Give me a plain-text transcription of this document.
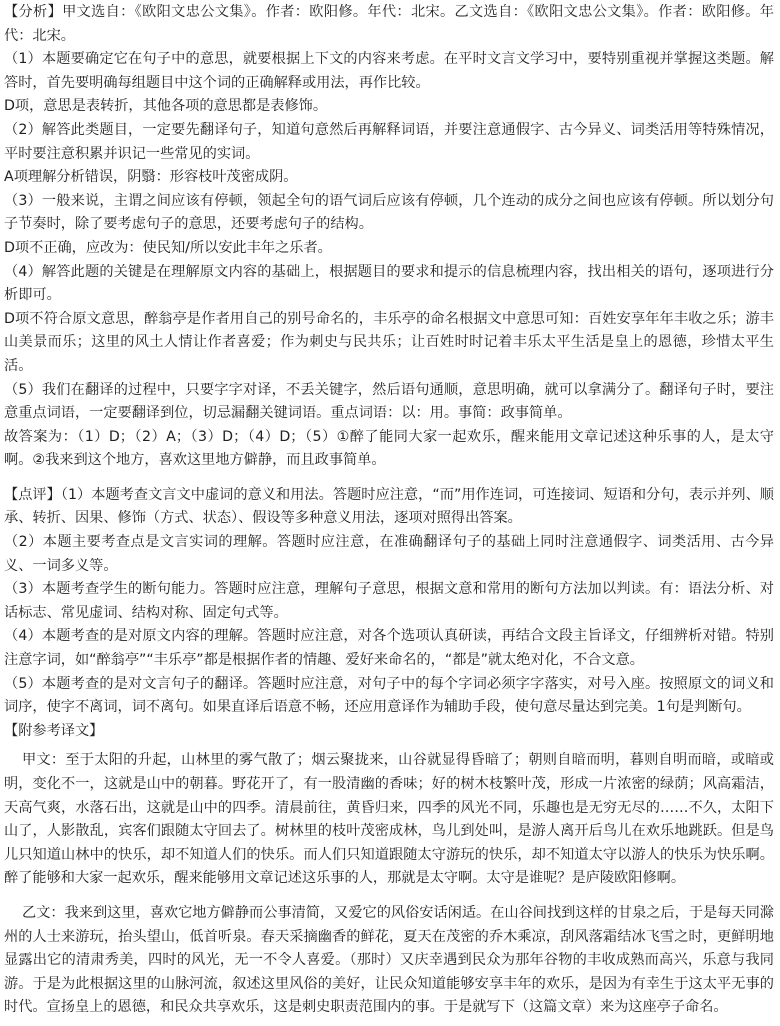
【分析】甲文选自：《欧阳文忠公文集》。作者：欧阳修。年代：北宋。乙文选自：《欧阳文忠公文集》。作者：欧阳修。年代：北宋。

（1）本题要确定它在句子中的意思，就要根据上下文的内容来考虑。在平时文言文学习中，要特别重视并掌握这类题。解答时，首先要明确每组题目中这个词的正确解释或用法，再作比较。

D项，意思是表转折，其他各项的意思都是表修饰。

（2）解答此类题目，一定要先翻译句子，知道句意然后再解释词语，并要注意通假字、古今异义、词类活用等特殊情况，平时要注意积累并识记一些常见的实词。

A项理解分析错误，阴翳：形容枝叶茂密成阴。

（3）一般来说，主谓之间应该有停顿，领起全句的语气词后应该有停顿，几个连动的成分之间也应该有停顿。所以划分句子节奏时，除了要考虑句子的意思，还要考虑句子的结构。

D项不正确，应改为：使民知/所以安此丰年之乐者。

（4）解答此题的关键是在理解原文内容的基础上，根据题目的要求和提示的信息梳理内容，找出相关的语句，逐项进行分析即可。

D项不符合原文意思，醉翁亭是作者用自己的别号命名的，丰乐亭的命名根据文中意思可知：百姓安享年年丰收之乐；游丰山美景而乐；这里的风土人情让作者喜爱；作为刺史与民共乐；让百姓时时记着丰乐太平生活是皇上的恩德，珍惜太平生活。

（5）我们在翻译的过程中，只要字字对译，不丢关键字，然后语句通顺，意思明确，就可以拿满分了。翻译句子时，要注意重点词语，一定要翻译到位，切忌漏翻关键词语。重点词语：以：用。事简：政事简单。

故答案为：（1）D；（2）A；（3）D；（4）D；（5）①醉了能同大家一起欢乐，醒来能用文章记述这种乐事的人，是太守啊。②我来到这个地方，喜欢这里地方僻静，而且政事简单。

【点评】（1）本题考查文言文中虚词的意义和用法。答题时应注意，“而”用作连词，可连接词、短语和分句，表示并列、顺承、转折、因果、修饰（方式、状态）、假设等多种意义用法，逐项对照得出答案。

（2）本题主要考查点是文言实词的理解。答题时应注意，在准确翻译句子的基础上同时注意通假字、词类活用、古今异义、一词多义等。

（3）本题考查学生的断句能力。答题时应注意，理解句子意思，根据文意和常用的断句方法加以判读。有：语法分析、对话标志、常见虚词、结构对称、固定句式等。

（4）本题考查的是对原文内容的理解。答题时应注意，对各个选项认真研读，再结合文段主旨译文，仔细辨析对错。特别注意字词，如“醉翁亭”“丰乐亭”都是根据作者的情趣、爱好来命名的，“都是”就太绝对化，不合文意。

（5）本题考查的是对文言句子的翻译。答题时应注意，对句子中的每个字词必须字字落实，对号入座。按照原文的词义和词序，使字不离词，词不离句。如果直译后语意不畅，还应用意译作为辅助手段，使句意尽量达到完美。1句是判断句。

【附参考译文】

甲文：至于太阳的升起，山林里的雾气散了；烟云聚拢来，山谷就显得昏暗了；朝则自暗而明，暮则自明而暗，或暗或明，变化不一，这就是山中的朝暮。野花开了，有一股清幽的香味；好的树木枝繁叶茂，形成一片浓密的绿荫；风高霜洁，天高气爽，水落石出，这就是山中的四季。清晨前往，黄昏归来，四季的风光不同，乐趣也是无穷无尽的……不久，太阳下山了，人影散乱，宾客们跟随太守回去了。树林里的枝叶茂密成林，鸟儿到处叫，是游人离开后鸟儿在欢乐地跳跃。但是鸟儿只知道山林中的快乐，却不知道人们的快乐。而人们只知道跟随太守游玩的快乐，却不知道太守以游人的快乐为快乐啊。醉了能够和大家一起欢乐，醒来能够用文章记述这乐事的人，那就是太守啊。太守是谁呢？是庐陵欧阳修啊。

乙文：我来到这里，喜欢它地方僻静而公事清简，又爱它的风俗安话闲适。在山谷间找到这样的甘泉之后，于是每天同滁州的人士来游玩，抬头望山，低首听泉。春天采摘幽香的鲜花，夏天在茂密的乔木乘凉，刮风落霜结冰飞雪之时，更鲜明地显露出它的清肃秀美，四时的风光，无一不令人喜爱。（那时）又庆幸遇到民众为那年谷物的丰收成熟而高兴，乐意与我同游。于是为此根据这里的山脉河流，叙述这里风俗的美好，让民众知道能够安享丰年的欢乐，是因为有幸生于这太平无事的时代。宣扬皇上的恩德，和民众共享欢乐，这是刺史职责范围内的事。于是就写下（这篇文章）来为这座亭子命名。
